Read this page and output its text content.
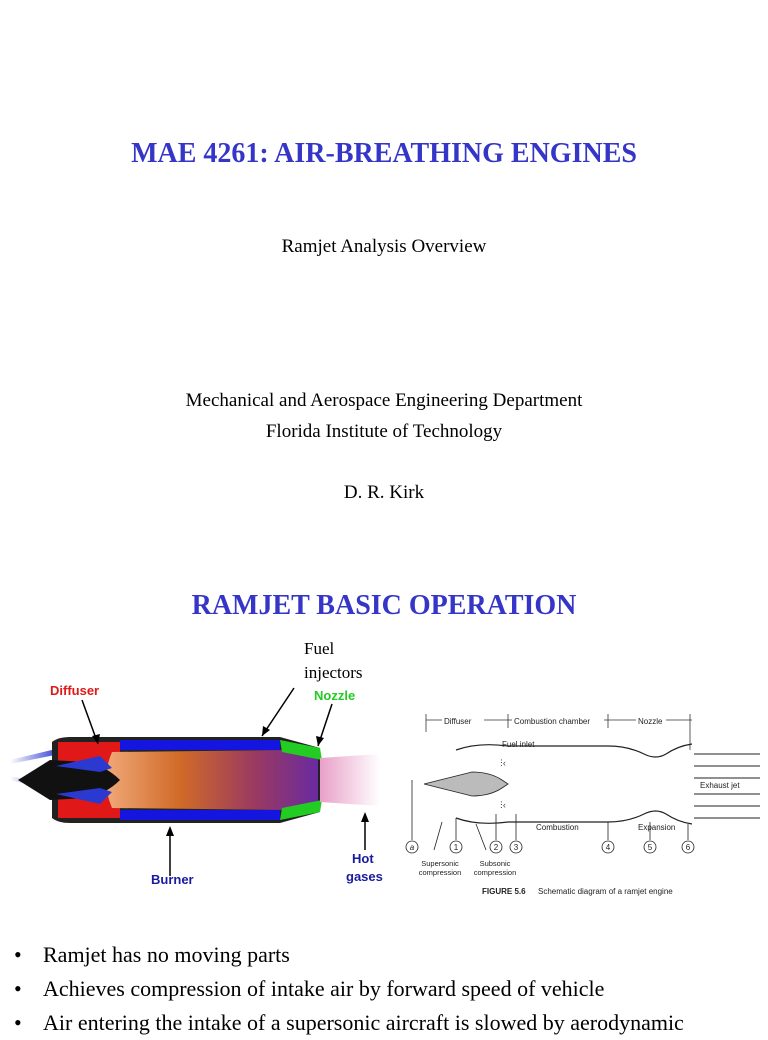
MAE 4261: AIR-BREATHING ENGINES
Ramjet Analysis Overview
Mechanical and Aerospace Engineering Department
Florida Institute of Technology
D. R. Kirk
RAMJET BASIC OPERATION
Diffuser
Fuel
injectors
Nozzle
Burner
Hot
gases
Diffuser	Combustion chamber	Nozzle
Fuel inlet
ⵗ‹
ⵗ‹
Exhaust jet
Combustion	Expansion
a	1	2 3	4	5	6
Supersonic
compression
Subsonic
compression
FIGURE 5.6 Schematic diagram of a ramjet engine
• Ramjet has no moving parts
• Achieves compression of intake air by forward speed of vehicle
• Air entering the intake of a supersonic aircraft is slowed by aerodynamic
